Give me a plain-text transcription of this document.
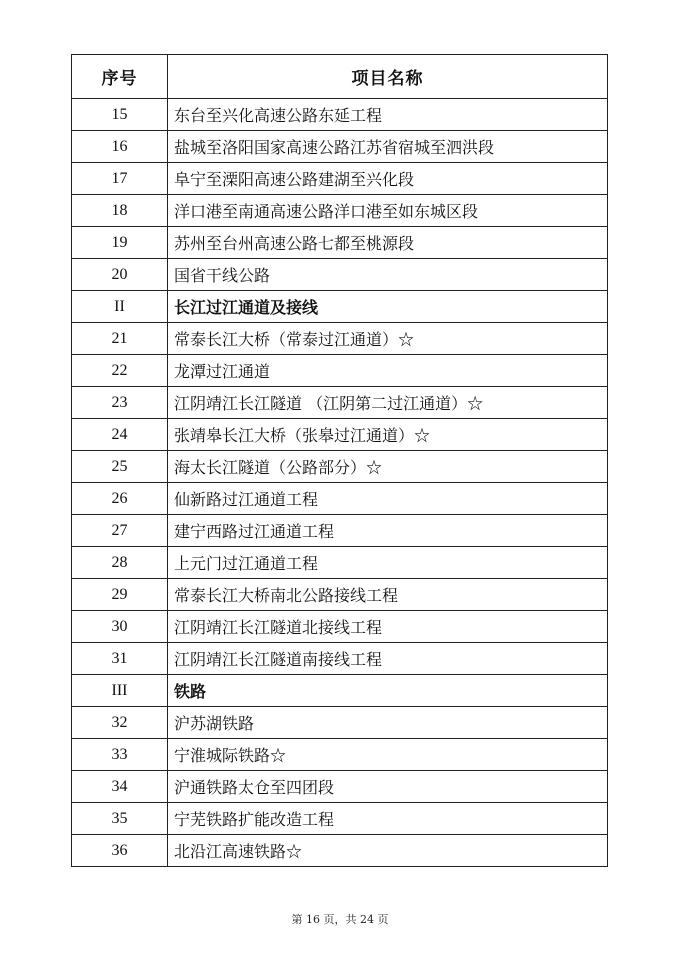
序号	项目名称
15	东台至兴化高速公路东延工程
16	盐城至洛阳国家高速公路江苏省宿城至泗洪段
17	阜宁至溧阳高速公路建湖至兴化段
18	洋口港至南通高速公路洋口港至如东城区段
19	苏州至台州高速公路七都至桃源段
20	国省干线公路
II	长江过江通道及接线
21	常泰长江大桥（常泰过江通道）☆
22	龙潭过江通道
23	江阴靖江长江隧道 （江阴第二过江通道）☆
24	张靖皋长江大桥（张皋过江通道）☆
25	海太长江隧道（公路部分）☆
26	仙新路过江通道工程
27	建宁西路过江通道工程
28	上元门过江通道工程
29	常泰长江大桥南北公路接线工程
30	江阴靖江长江隧道北接线工程
31	江阴靖江长江隧道南接线工程
III	铁路
32	沪苏湖铁路
33	宁淮城际铁路☆
34	沪通铁路太仓至四团段
35	宁芜铁路扩能改造工程
36	北沿江高速铁路☆
第 16 页，共 24 页
